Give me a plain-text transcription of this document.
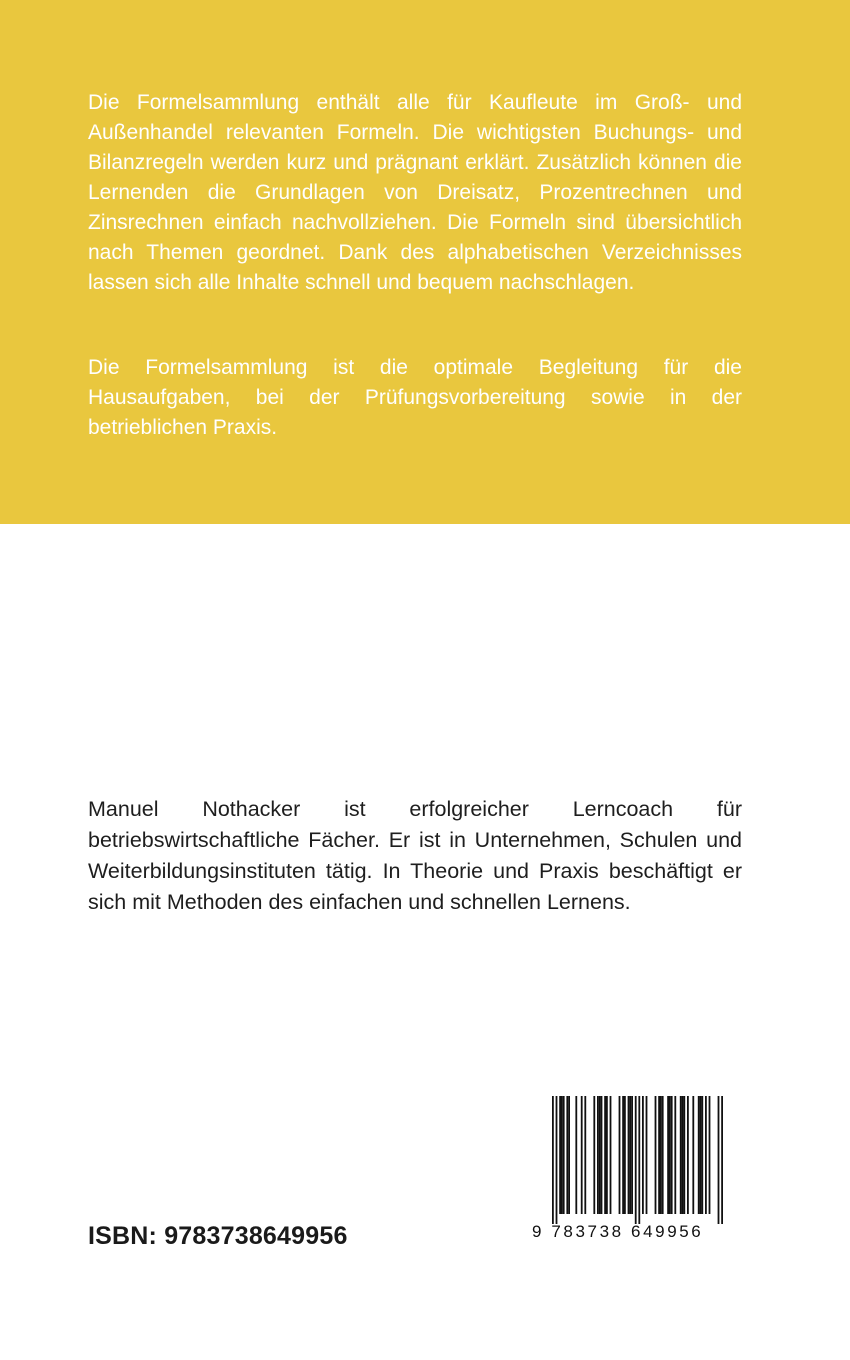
Die Formelsammlung enthält alle für Kaufleute im Groß- und Außenhandel relevanten Formeln. Die wichtigsten Buchungs- und Bilanzregeln werden kurz und prägnant erklärt. Zusätzlich können die Lernenden die Grundlagen von Dreisatz, Prozentrechnen und Zinsrechnen einfach nachvollziehen. Die Formeln sind übersichtlich nach Themen geordnet. Dank des alphabetischen Verzeichnisses lassen sich alle Inhalte schnell und bequem nachschlagen.

Die Formelsammlung ist die optimale Begleitung für die Hausaufgaben, bei der Prüfungsvorbereitung sowie in der betrieblichen Praxis.

Manuel Nothacker ist erfolgreicher Lerncoach für betriebswirtschaftliche Fächer. Er ist in Unternehmen, Schulen und Weiterbildungsinstituten tätig. In Theorie und Praxis beschäftigt er sich mit Methoden des einfachen und schnellen Lernens.

ISBN: 9783738649956	9 783738 649956
